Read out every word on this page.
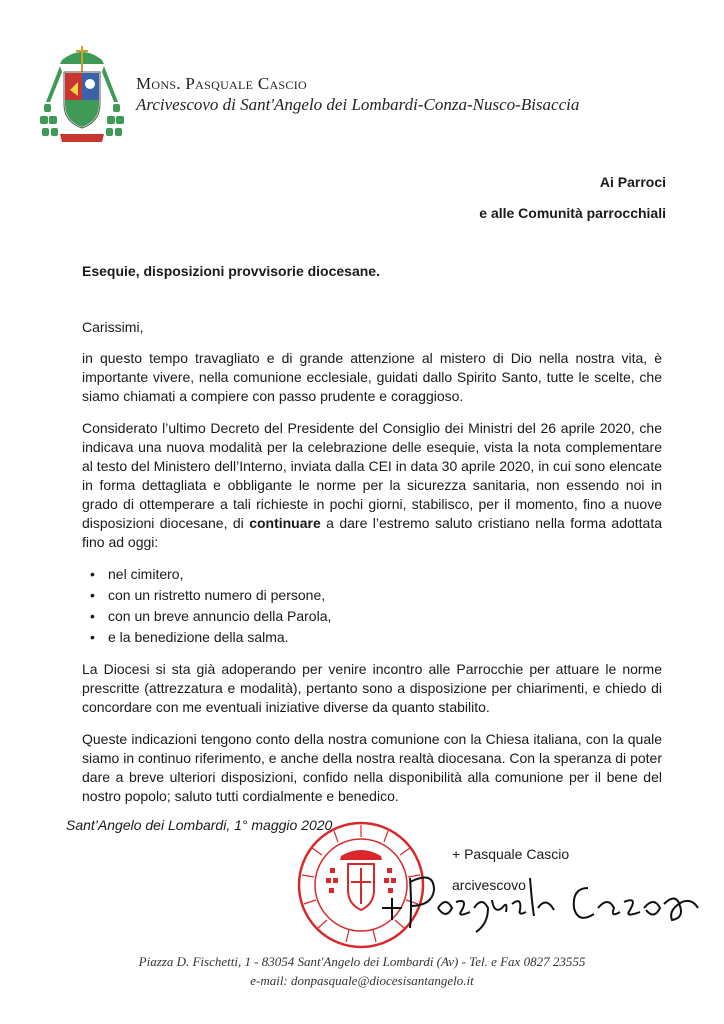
Mons. Pasquale Cascio
Arcivescovo di Sant'Angelo dei Lombardi-Conza-Nusco-Bisaccia
Ai Parroci
e alle Comunità parrocchiali
Esequie, disposizioni provvisorie diocesane.

Carissimi,

in questo tempo travagliato e di grande attenzione al mistero di Dio nella nostra vita, è importante vivere, nella comunione ecclesiale, guidati dallo Spirito Santo, tutte le scelte, che siamo chiamati a compiere con passo prudente e coraggioso.

Considerato l’ultimo Decreto del Presidente del Consiglio dei Ministri del 26 aprile 2020, che indicava una nuova modalità per la celebrazione delle esequie, vista la nota complementare al testo del Ministero dell’Interno, inviata dalla CEI in data 30 aprile 2020, in cui sono elencate in forma dettagliata e obbligante le norme per la sicurezza sanitaria, non essendo noi in grado di ottemperare a tali richieste in pochi giorni, stabilisco, per il momento, fino a nuove disposizioni diocesane, di continuare a dare l’estremo saluto cristiano nella forma adottata fino ad oggi:

• nel cimitero,
• con un ristretto numero di persone,
• con un breve annuncio della Parola,
• e la benedizione della salma.

La Diocesi si sta già adoperando per venire incontro alle Parrocchie per attuare le norme prescritte (attrezzatura e modalità), pertanto sono a disposizione per chiarimenti, e chiedo di concordare con me eventuali iniziative diverse da quanto stabilito.

Queste indicazioni tengono conto della nostra comunione con la Chiesa italiana, con la quale siamo in continuo riferimento, e anche della nostra realtà diocesana. Con la speranza di poter dare a breve ulteriori disposizioni, confido nella disponibilità alla comunione per il bene del nostro popolo; saluto tutti cordialmente e benedico.

Sant’Angelo dei Lombardi, 1° maggio 2020
+ Pasquale Cascio
arcivescovo
Piazza D. Fischetti, 1 - 83054 Sant'Angelo dei Lombardi (Av) - Tel. e Fax 0827 23555
e-mail: donpasquale@diocesisantangelo.it
